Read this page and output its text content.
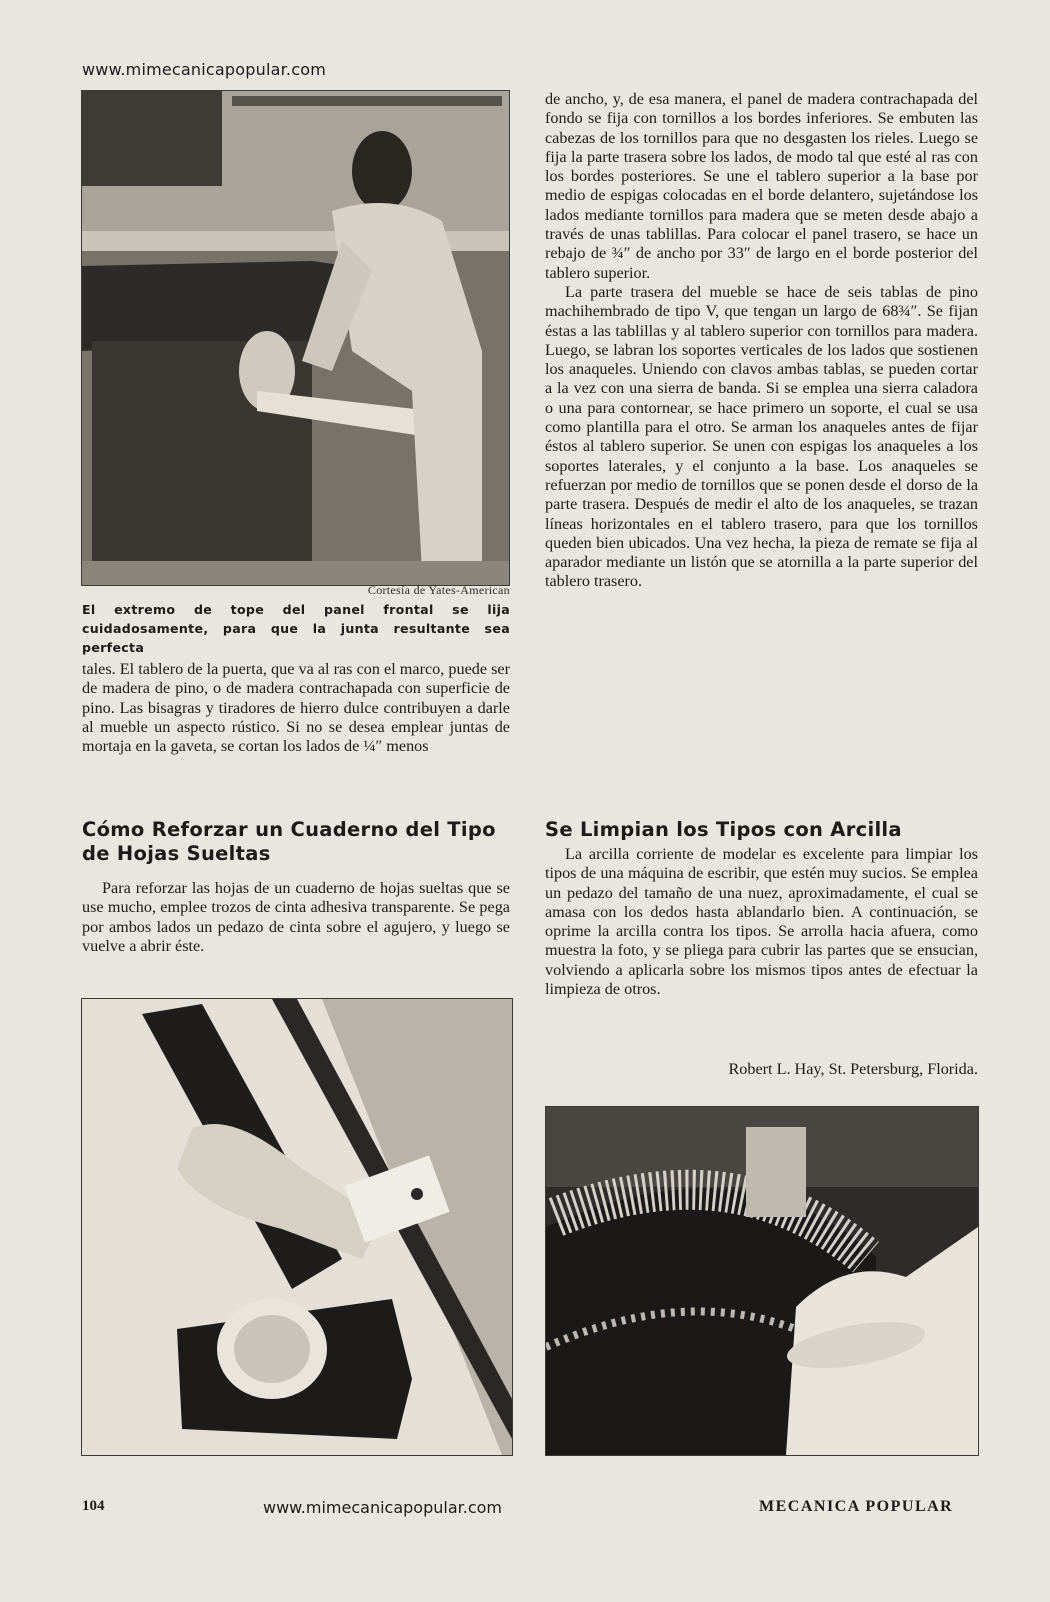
www.mimecanicapopular.com
Cortesía de Yates-American
El extremo de tope del panel frontal se lija cuidadosamente, para que la junta resultante sea perfecta

tales. El tablero de la puerta, que va al ras con el marco, puede ser de madera de pino, o de madera contrachapada con superficie de pino. Las bisagras y tiradores de hierro dulce contribuyen a darle al mueble un aspecto rústico. Si no se desea emplear juntas de mortaja en la gaveta, se cortan los lados de ¼″ menos

de ancho, y, de esa manera, el panel de madera contrachapada del fondo se fija con tornillos a los bordes inferiores. Se embuten las cabezas de los tornillos para que no desgasten los rieles. Luego se fija la parte trasera sobre los lados, de modo tal que esté al ras con los bordes posteriores. Se une el tablero superior a la base por medio de espigas colocadas en el borde delantero, sujetándose los lados mediante tornillos para madera que se meten desde abajo a través de unas tablillas. Para colocar el panel trasero, se hace un rebajo de ¾″ de ancho por 33″ de largo en el borde posterior del tablero superior.

La parte trasera del mueble se hace de seis tablas de pino machihembrado de tipo V, que tengan un largo de 68¾″. Se fijan éstas a las tablillas y al tablero superior con tornillos para madera. Luego, se labran los soportes verticales de los lados que sostienen los anaqueles. Uniendo con clavos ambas tablas, se pueden cortar a la vez con una sierra de banda. Si se emplea una sierra caladora o una para contornear, se hace primero un soporte, el cual se usa como plantilla para el otro. Se arman los anaqueles antes de fijar éstos al tablero superior. Se unen con espigas los anaqueles a los soportes laterales, y el conjunto a la base. Los anaqueles se refuerzan por medio de tornillos que se ponen desde el dorso de la parte trasera. Después de medir el alto de los anaqueles, se trazan líneas horizontales en el tablero trasero, para que los tornillos queden bien ubicados. Una vez hecha, la pieza de remate se fija al aparador mediante un listón que se atornilla a la parte superior del tablero trasero.

Cómo Reforzar un Cuaderno del Tipo de Hojas Sueltas

Para reforzar las hojas de un cuaderno de hojas sueltas que se use mucho, emplee trozos de cinta adhesiva transparente. Se pega por ambos lados un pedazo de cinta sobre el agujero, y luego se vuelve a abrir éste.

Se Limpian los Tipos con Arcilla

La arcilla corriente de modelar es excelente para limpiar los tipos de una máquina de escribir, que estén muy sucios. Se emplea un pedazo del tamaño de una nuez, aproximadamente, el cual se amasa con los dedos hasta ablandarlo bien. A continuación, se oprime la arcilla contra los tipos. Se arrolla hacia afuera, como muestra la foto, y se pliega para cubrir las partes que se ensucian, volviendo a aplicarla sobre los mismos tipos antes de efectuar la limpieza de otros.

Robert L. Hay, St. Petersburg, Florida.
104	www.mimecanicapopular.com	MECANICA POPULAR
